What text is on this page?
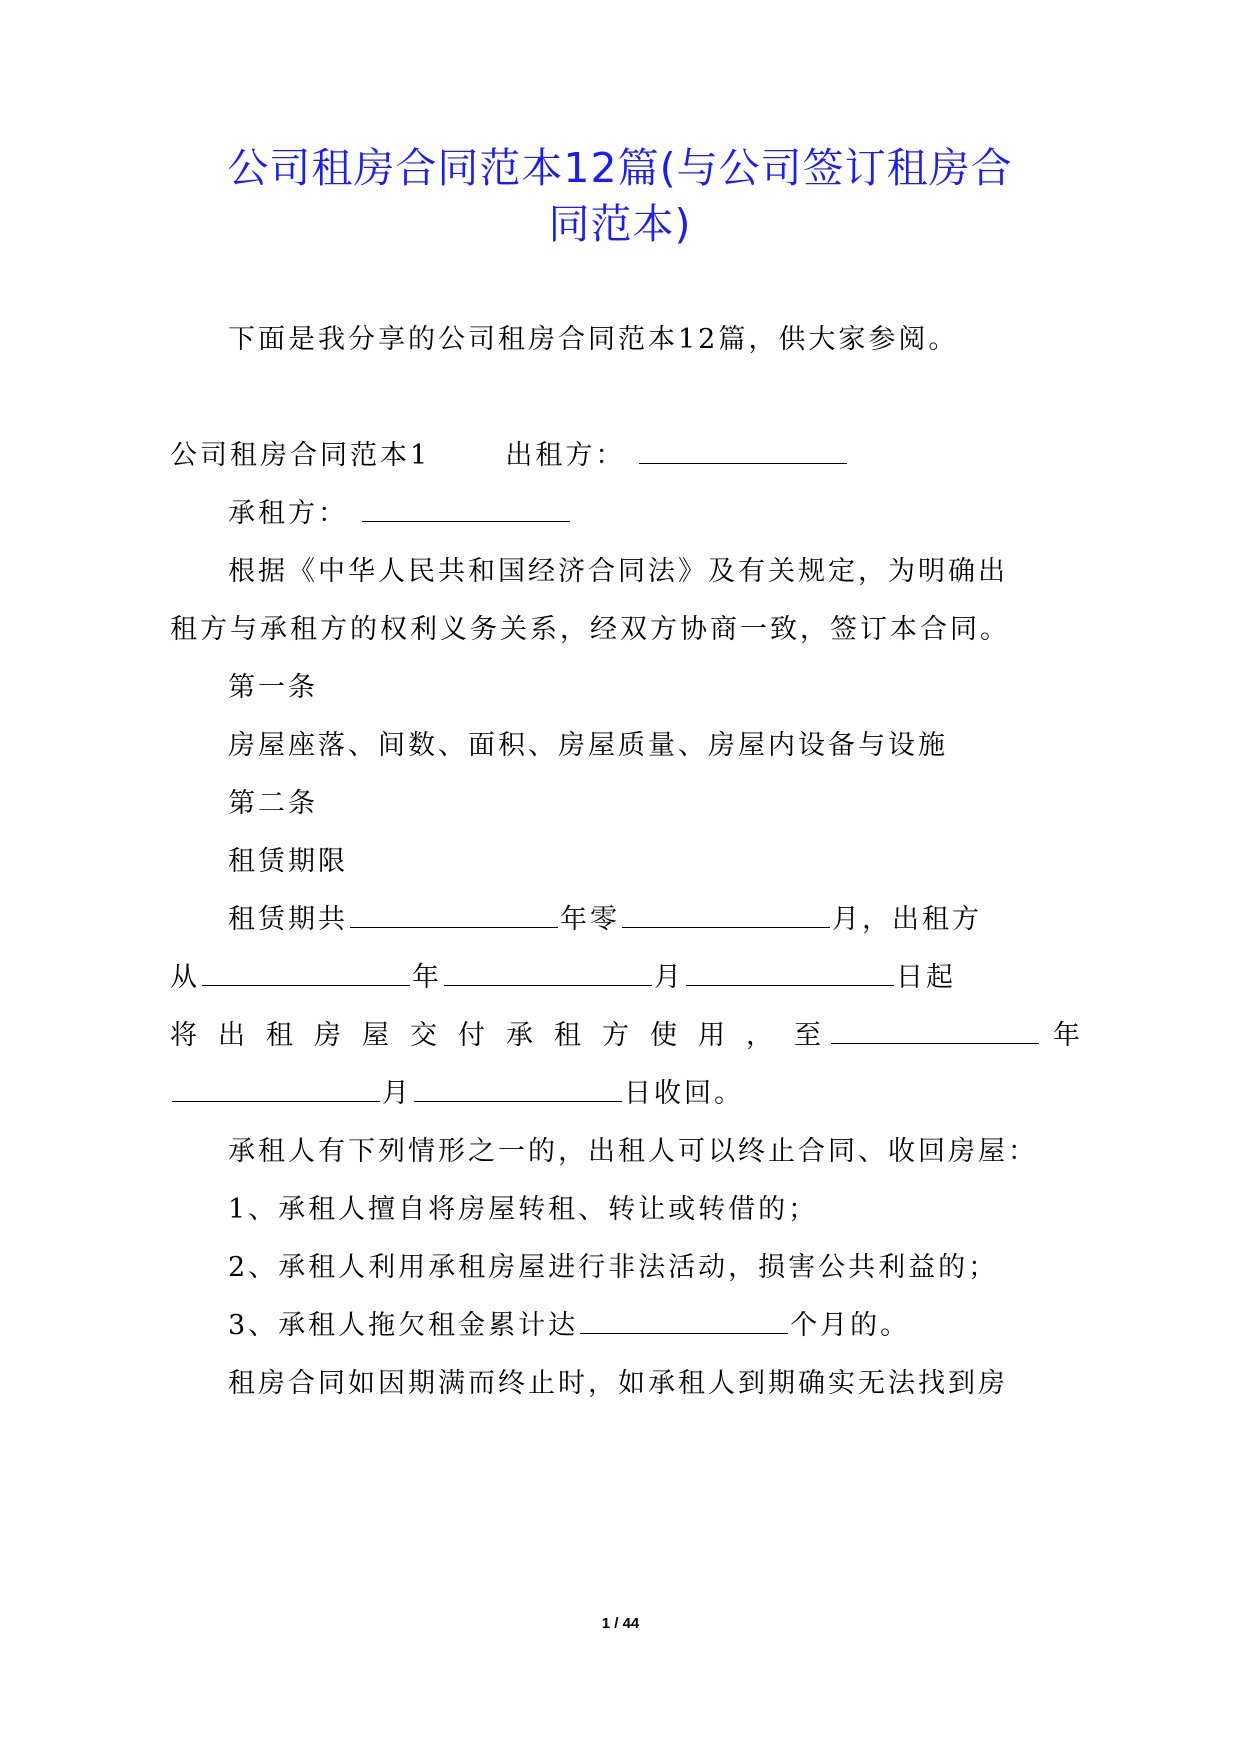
公司租房合同范本12篇(与公司签订租房合
同范本)
下面是我分享的公司租房合同范本12篇，供大家参阅。
公司租房合同范本1	出租方：
承租方：
根据《中华人民共和国经济合同法》及有关规定，为明确出
租方与承租方的权利义务关系，经双方协商一致，签订本合同。
第一条
房屋座落、间数、面积、房屋质量、房屋内设备与设施
第二条
租赁期限
租赁期共	年零	月，出租方
从	年	月	日起
将出租房屋交付承租方使用， 至	年
月	日收回。
承租人有下列情形之一的，出租人可以终止合同、收回房屋：
1、承租人擅自将房屋转租、转让或转借的；
2、承租人利用承租房屋进行非法活动，损害公共利益的；
3、承租人拖欠租金累计达	个月的。
租房合同如因期满而终止时，如承租人到期确实无法找到房
1 / 44
